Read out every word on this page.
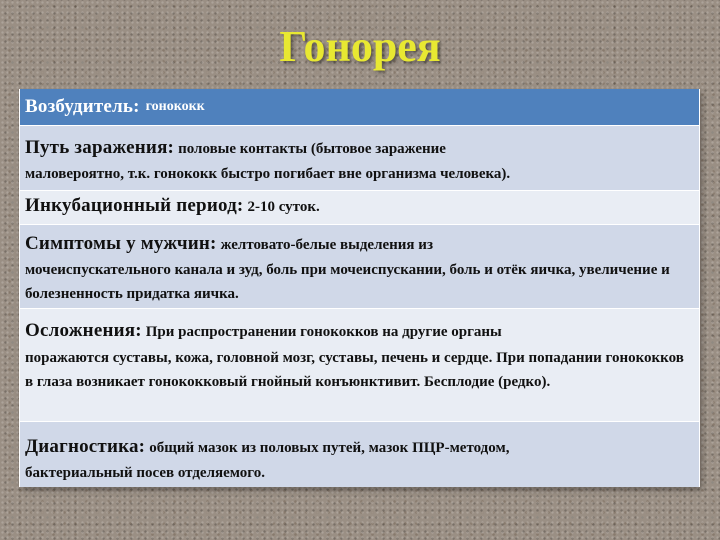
Гонорея
Возбудитель: гонококк
Путь заражения: половые контакты (бытовое заражение
маловероятно, т.к. гонококк быстро погибает вне организма человека).
Инкубационный период: 2-10 суток.
Симптомы у мужчин: желтовато-белые выделения из
мочеиспускательного канала и зуд, боль при мочеиспускании, боль и отёк яичка, увеличение и болезненность придатка яичка.
Осложнения: При распространении гонококков на другие органы
поражаются суставы, кожа, головной мозг, суставы, печень и сердце. При попадании гонококков в глаза возникает гонококковый гнойный конъюнктивит. Бесплодие (редко).
Диагностика: общий мазок из половых путей, мазок ПЦР-методом,
бактериальный посев отделяемого.
